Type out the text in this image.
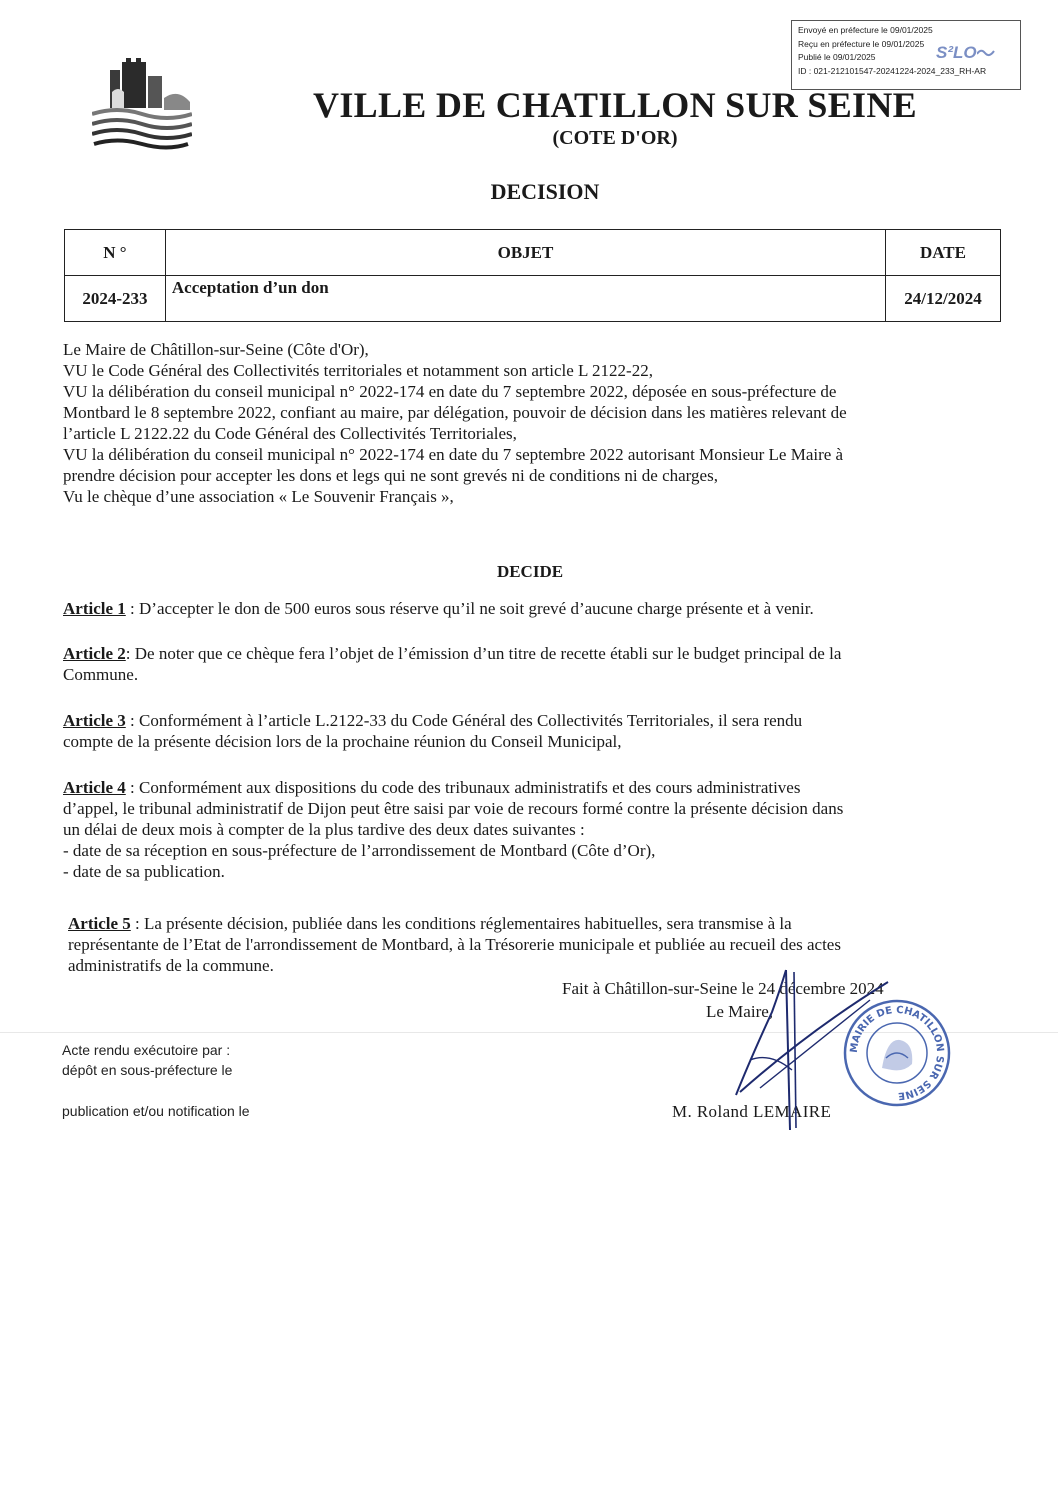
Envoyé en préfecture le 09/01/2025
Reçu en préfecture le 09/01/2025
Publié le 09/01/2025
ID : 021-212101547-20241224-2024_233_RH-AR
S²LO
VILLE DE CHATILLON SUR SEINE
(COTE D'OR)
DECISION
N °	OBJET	DATE
2024-233	Acceptation d’un don	24/12/2024
Le Maire de Châtillon-sur-Seine (Côte d'Or),
VU le Code Général des Collectivités territoriales et notamment son article L 2122-22,
VU la délibération du conseil municipal n° 2022-174 en date du 7 septembre 2022, déposée en sous-préfecture de
Montbard le 8 septembre 2022, confiant au maire, par délégation, pouvoir de décision dans les matières relevant de
l’article L 2122.22 du Code Général des Collectivités Territoriales,
VU la délibération du conseil municipal n° 2022-174 en date du 7 septembre 2022 autorisant Monsieur Le Maire à
prendre décision pour accepter les dons et legs qui ne sont grevés ni de conditions ni de charges,
Vu le chèque d’une association « Le Souvenir Français »,
DECIDE
Article 1 : D’accepter le don de 500 euros sous réserve qu’il ne soit grevé d’aucune charge présente et à venir.
Article 2: De noter que ce chèque fera l’objet de l’émission d’un titre de recette établi sur le budget principal de la
Commune.
Article 3 : Conformément à l’article L.2122-33 du Code Général des Collectivités Territoriales, il sera rendu
compte de la présente décision lors de la prochaine réunion du Conseil Municipal,
Article 4 : Conformément aux dispositions du code des tribunaux administratifs et des cours administratives
d’appel, le tribunal administratif de Dijon peut être saisi par voie de recours formé contre la présente décision dans
un délai de deux mois à compter de la plus tardive des deux dates suivantes :
- date de sa réception en sous-préfecture de l’arrondissement de Montbard (Côte d’Or),
- date de sa publication.
Article 5 : La présente décision, publiée dans les conditions réglementaires habituelles, sera transmise à la
représentante de l’Etat de l'arrondissement de Montbard, à la Trésorerie municipale et publiée au recueil des actes
administratifs de la commune.
Fait à Châtillon-sur-Seine le 24 décembre 2024
Le Maire,
M. Roland LEMAIRE
Acte rendu exécutoire par :
dépôt en sous-préfecture le
publication et/ou notification le
MAIRIE DE CHATILLON SUR SEINE
